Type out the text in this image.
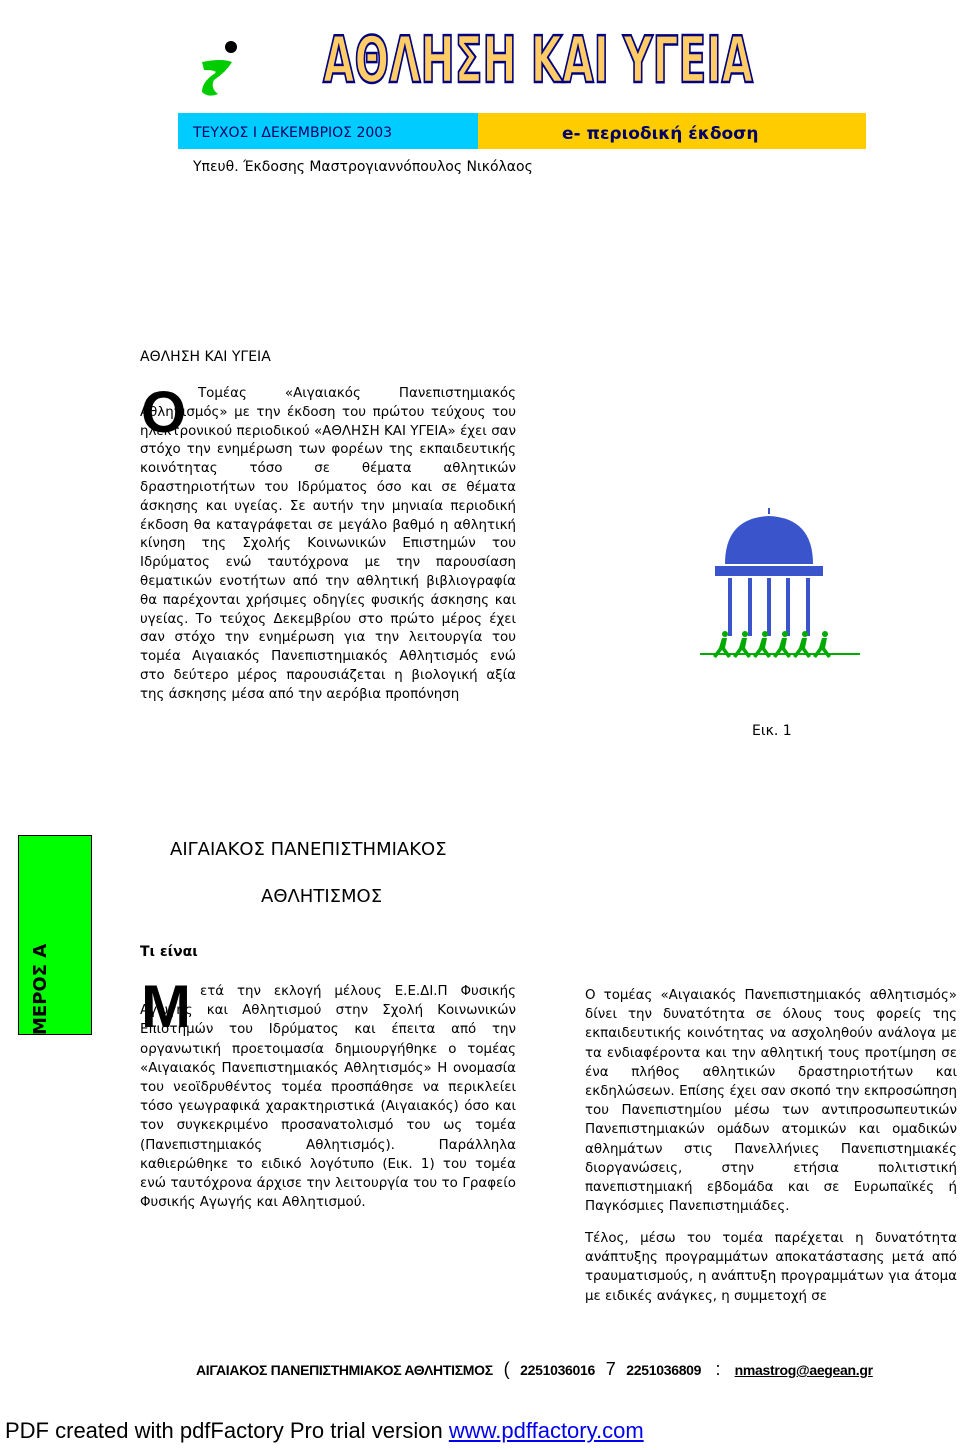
ΑΘΛΗΣΗ ΚΑΙ ΥΓΕΙΑ
ΤΕΥΧΟΣ Ι ΔΕΚΕΜΒΡΙΟΣ 2003	e- περιοδική έκδοση
Υπευθ. Έκδοσης Μαστρογιαννόπουλος Νικόλαος
ΑΘΛΗΣΗ ΚΑΙ ΥΓΕΙΑ
Ο Τομέας «Αιγαιακός Πανεπιστημιακός Αθλητισμός» με την έκδοση του πρώτου τεύχους του ηλεκτρονικού περιοδικού «ΑΘΛΗΣΗ ΚΑΙ ΥΓΕΙΑ» έχει σαν στόχο την ενημέρωση των φορέων της εκπαιδευτικής κοινότητας τόσο σε θέματα αθλητικών δραστηριοτήτων του Ιδρύματος όσο και σε θέματα άσκησης και υγείας. Σε αυτήν την μηνιαία περιοδική έκδοση θα καταγράφεται σε μεγάλο βαθμό η αθλητική κίνηση της Σχολής Κοινωνικών Επιστημών του Ιδρύματος ενώ ταυτόχρονα με την παρουσίαση θεματικών ενοτήτων από την αθλητική βιβλιογραφία θα παρέχονται χρήσιμες οδηγίες φυσικής άσκησης και υγείας. Το τεύχος Δεκεμβρίου στο πρώτο μέρος έχει σαν στόχο την ενημέρωση για την λειτουργία του τομέα Αιγαιακός Πανεπιστημιακός Αθλητισμός ενώ στο δεύτερο μέρος παρουσιάζεται η βιολογική αξία της άσκησης μέσα από την αερόβια προπόνηση
Εικ. 1
ΜΕΡΟΣ Α
ΑΙΓΑΙΑΚΟΣ ΠΑΝΕΠΙΣΤΗΜΙΑΚΟΣ
ΑΘΛΗΤΙΣΜΟΣ
Τι είναι
Μ ετά την εκλογή μέλους Ε.Ε.ΔΙ.Π Φυσικής Αγωγής και Αθλητισμού στην Σχολή Κοινωνικών Επιστημών του Ιδρύματος και έπειτα από την οργανωτική προετοιμασία δημιουργήθηκε ο τομέας «Αιγαιακός Πανεπιστημιακός Αθλητισμός» Η ονομασία του νεοϊδρυθέντος τομέα προσπάθησε να περικλείει τόσο γεωγραφικά χαρακτηριστικά (Αιγαιακός) όσο και τον συγκεκριμένο προσανατολισμό του ως τομέα (Πανεπιστημιακός Αθλητισμός). Παράλληλα καθιερώθηκε το ειδικό λογότυπο (Εικ. 1) του τομέα ενώ ταυτόχρονα άρχισε την λειτουργία του το Γραφείο Φυσικής Αγωγής και Αθλητισμού.
Ο τομέας «Αιγαιακός Πανεπιστημιακός αθλητισμός» δίνει την δυνατότητα σε όλους τους φορείς της εκπαιδευτικής κοινότητας να ασχοληθούν ανάλογα με τα ενδιαφέροντα και την αθλητική τους προτίμηση σε ένα πλήθος αθλητικών δραστηριοτήτων και εκδηλώσεων. Επίσης έχει σαν σκοπό την εκπροσώπηση του Πανεπιστημίου μέσω των αντιπροσωπευτικών Πανεπιστημιακών ομάδων ατομικών και ομαδικών αθλημάτων στις Πανελλήνιες Πανεπιστημιακές διοργανώσεις, στην ετήσια πολιτιστική πανεπιστημιακή εβδομάδα και σε Ευρωπαϊκές ή Παγκόσμιες Πανεπιστημιάδες.
Τέλος, μέσω του τομέα παρέχεται η δυνατότητα ανάπτυξης προγραμμάτων αποκατάστασης μετά από τραυματισμούς, η ανάπτυξη προγραμμάτων για άτομα με ειδικές ανάγκες, η συμμετοχή σε
ΑΙΓΑΙΑΚΟΣ ΠΑΝΕΠΙΣΤΗΜΙΑΚΟΣ ΑΘΛΗΤΙΣΜΟΣ ( 2251036016 7 2251036809 : nmastrog@aegean.gr
PDF created with pdfFactory Pro trial version www.pdffactory.com
